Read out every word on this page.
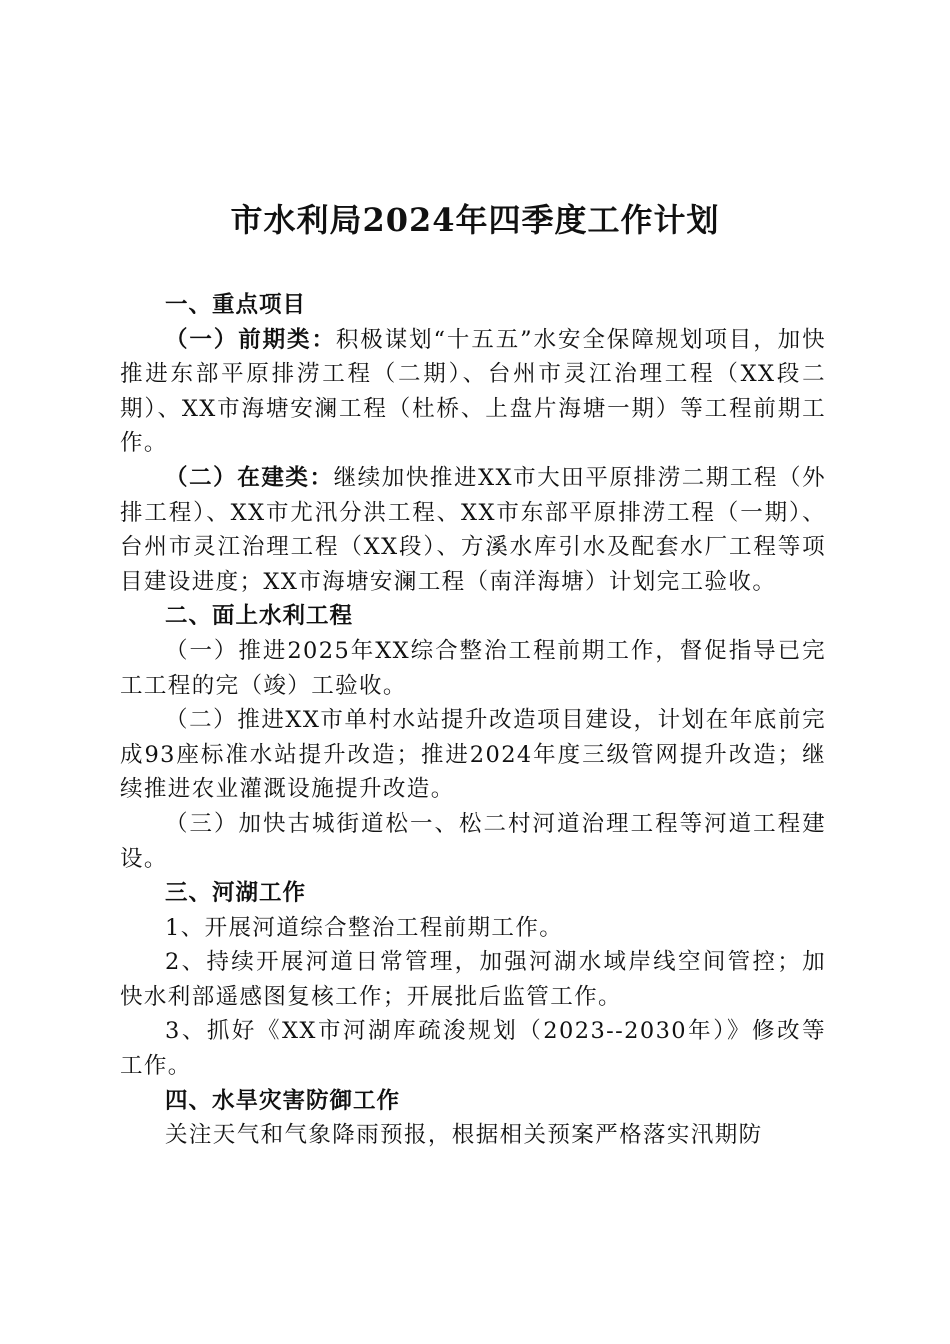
市水利局2024年四季度工作计划

一、重点项目

（一）前期类：积极谋划“十五五”水安全保障规划项目，加快推进东部平原排涝工程（二期）、台州市灵江治理工程（XX段二期）、XX市海塘安澜工程（杜桥、上盘片海塘一期）等工程前期工作。

（二）在建类：继续加快推进XX市大田平原排涝二期工程（外排工程）、XX市尤汛分洪工程、XX市东部平原排涝工程（一期）、台州市灵江治理工程（XX段）、方溪水库引水及配套水厂工程等项目建设进度；XX市海塘安澜工程（南洋海塘）计划完工验收。

二、面上水利工程

（一）推进2025年XX综合整治工程前期工作，督促指导已完工工程的完（竣）工验收。

（二）推进XX市单村水站提升改造项目建设，计划在年底前完成93座标准水站提升改造；推进2024年度三级管网提升改造；继续推进农业灌溉设施提升改造。

（三）加快古城街道松一、松二村河道治理工程等河道工程建设。

三、河湖工作

1、开展河道综合整治工程前期工作。

2、持续开展河道日常管理，加强河湖水域岸线空间管控；加快水利部遥感图复核工作；开展批后监管工作。

3、抓好《XX市河湖库疏浚规划（2023--2030年）》修改等工作。

四、水旱灾害防御工作

关注天气和气象降雨预报，根据相关预案严格落实汛期防
